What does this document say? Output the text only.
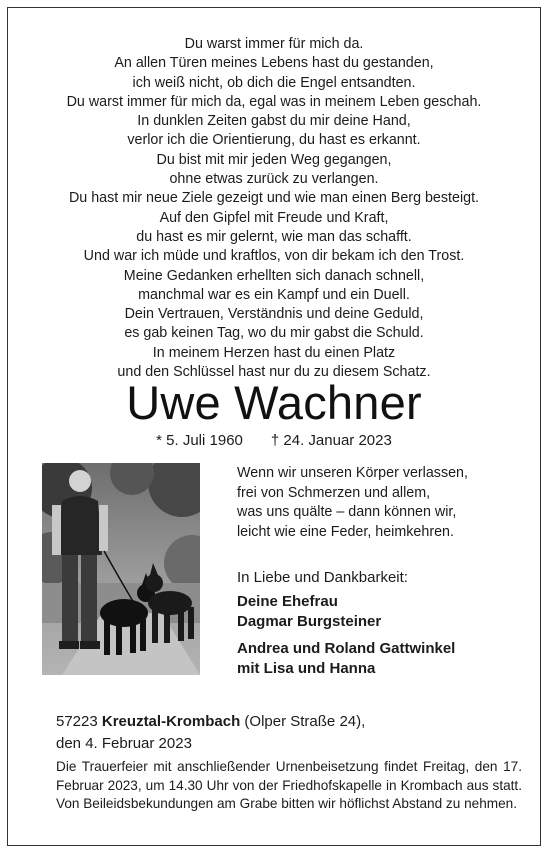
Du warst immer für mich da.
An allen Türen meines Lebens hast du gestanden,
ich weiß nicht, ob dich die Engel entsandten.
Du warst immer für mich da, egal was in meinem Leben geschah.
In dunklen Zeiten gabst du mir deine Hand,
verlor ich die Orientierung, du hast es erkannt.
Du bist mit mir jeden Weg gegangen,
ohne etwas zurück zu verlangen.
Du hast mir neue Ziele gezeigt und wie man einen Berg besteigt.
Auf den Gipfel mit Freude und Kraft,
du hast es mir gelernt, wie man das schafft.
Und war ich müde und kraftlos, von dir bekam ich den Trost.
Meine Gedanken erhellten sich danach schnell,
manchmal war es ein Kampf und ein Duell.
Dein Vertrauen, Verständnis und deine Geduld,
es gab keinen Tag, wo du mir gabst die Schuld.
In meinem Herzen hast du einen Platz
und den Schlüssel hast nur du zu diesem Schatz.
Uwe Wachner
* 5. Juli 1960 † 24. Januar 2023
Wenn wir unseren Körper verlassen,
frei von Schmerzen und allem,
was uns quälte – dann können wir,
leicht wie eine Feder, heimkehren.
In Liebe und Dankbarkeit:
Deine Ehefrau
Dagmar Burgsteiner
Andrea und Roland Gattwinkel
mit Lisa und Hanna
57223 Kreuztal-Krombach (Olper Straße 24),
den 4. Februar 2023
Die Trauerfeier mit anschließender Urnenbeisetzung findet Freitag, den 17. Februar 2023, um 14.30 Uhr von der Friedhofskapelle in Krombach aus statt. Von Beileidsbekundungen am Grabe bitten wir höflichst Abstand zu nehmen.
